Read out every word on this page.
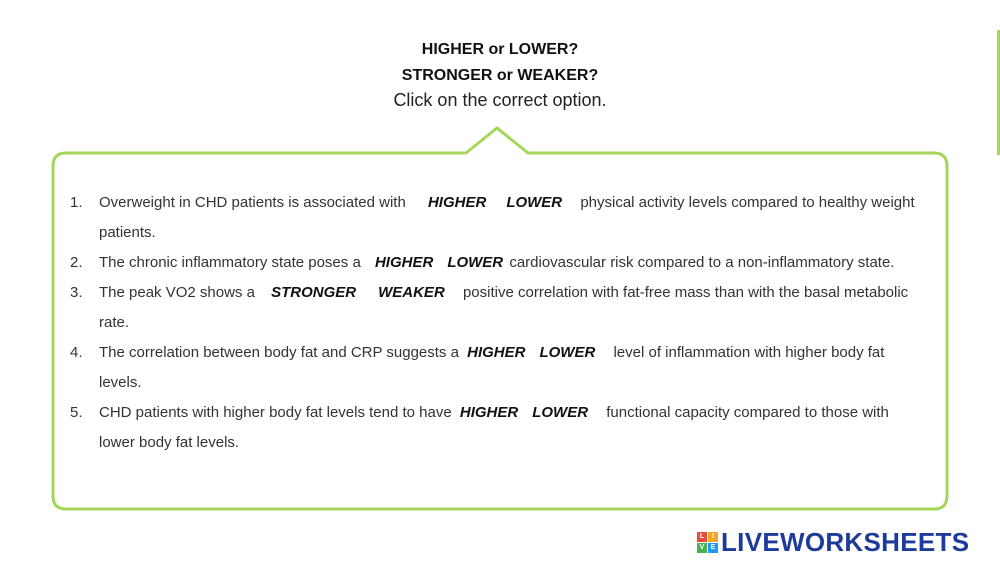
HIGHER or LOWER?
STRONGER or WEAKER?
Click on the correct option.
1. Overweight in CHD patients is associated with HIGHER LOWER physical activity levels compared to healthy weight patients.
2. The chronic inflammatory state poses a HIGHER LOWER cardiovascular risk compared to a non-inflammatory state.
3. The peak VO2 shows a STRONGER WEAKER positive correlation with fat-free mass than with the basal metabolic rate.
4. The correlation between body fat and CRP suggests a HIGHER LOWER level of inflammation with higher body fat levels.
5. CHD patients with higher body fat levels tend to have HIGHER LOWER functional capacity compared to those with lower body fat levels.
L	I
V E LIVEWORKSHEETS
